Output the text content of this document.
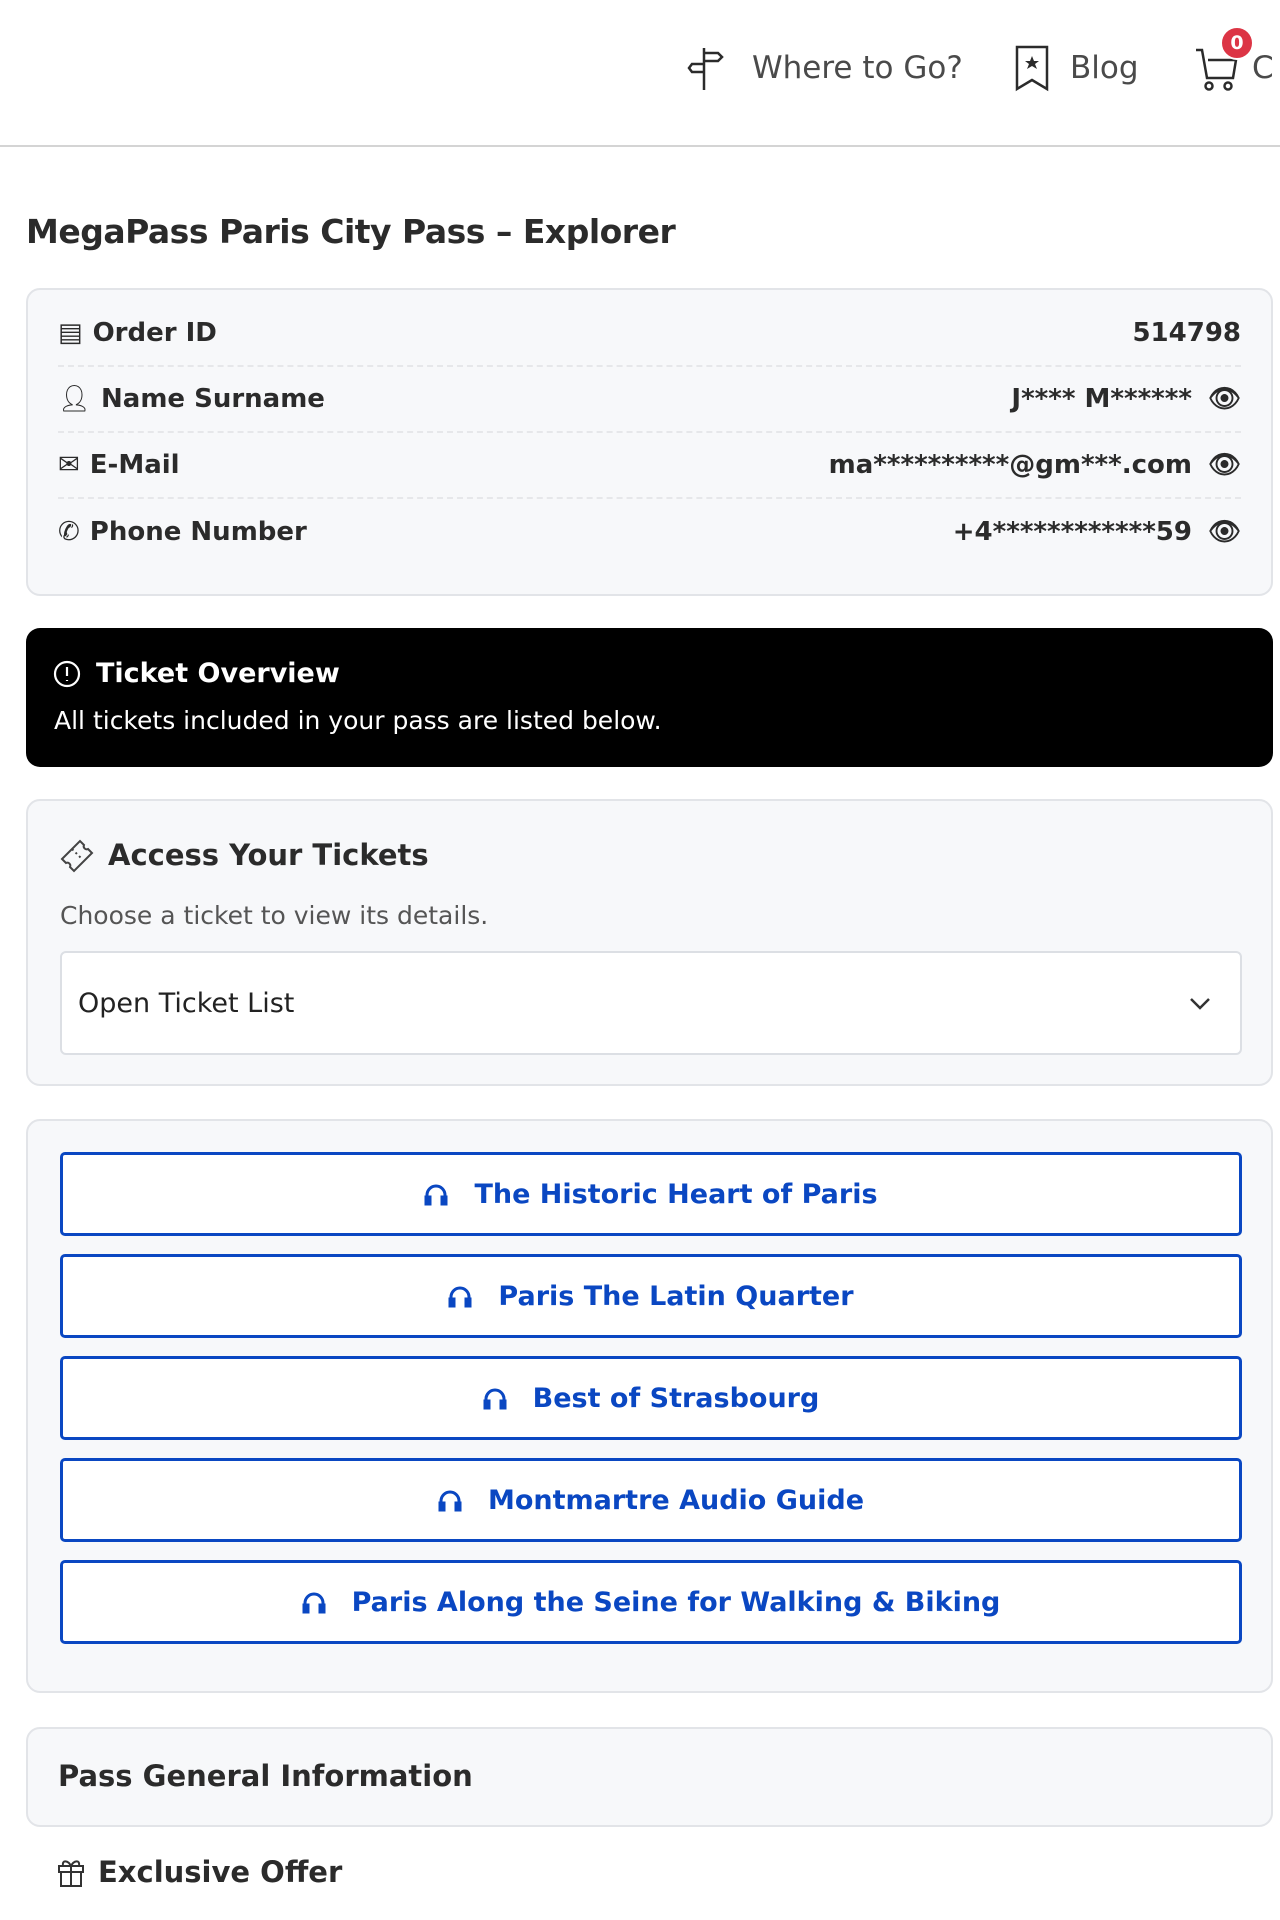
Where to Go?	Blog	C
0
MegaPass Paris City Pass – Explorer
▤ Order ID	514798
👤︎ Name Surname	J**** M****** 👁︎
✉ E-Mail	ma**********@gm***.com 👁︎
✆ Phone Number	+4************59 👁︎
Ticket Overview
All tickets included in your pass are listed below.
Access Your Tickets
Choose a ticket to view its details.
Open Ticket List
The Historic Heart of Paris
Paris The Latin Quarter
Best of Strasbourg
Montmartre Audio Guide
Paris Along the Seine for Walking & Biking
Pass General Information
Exclusive Offer
